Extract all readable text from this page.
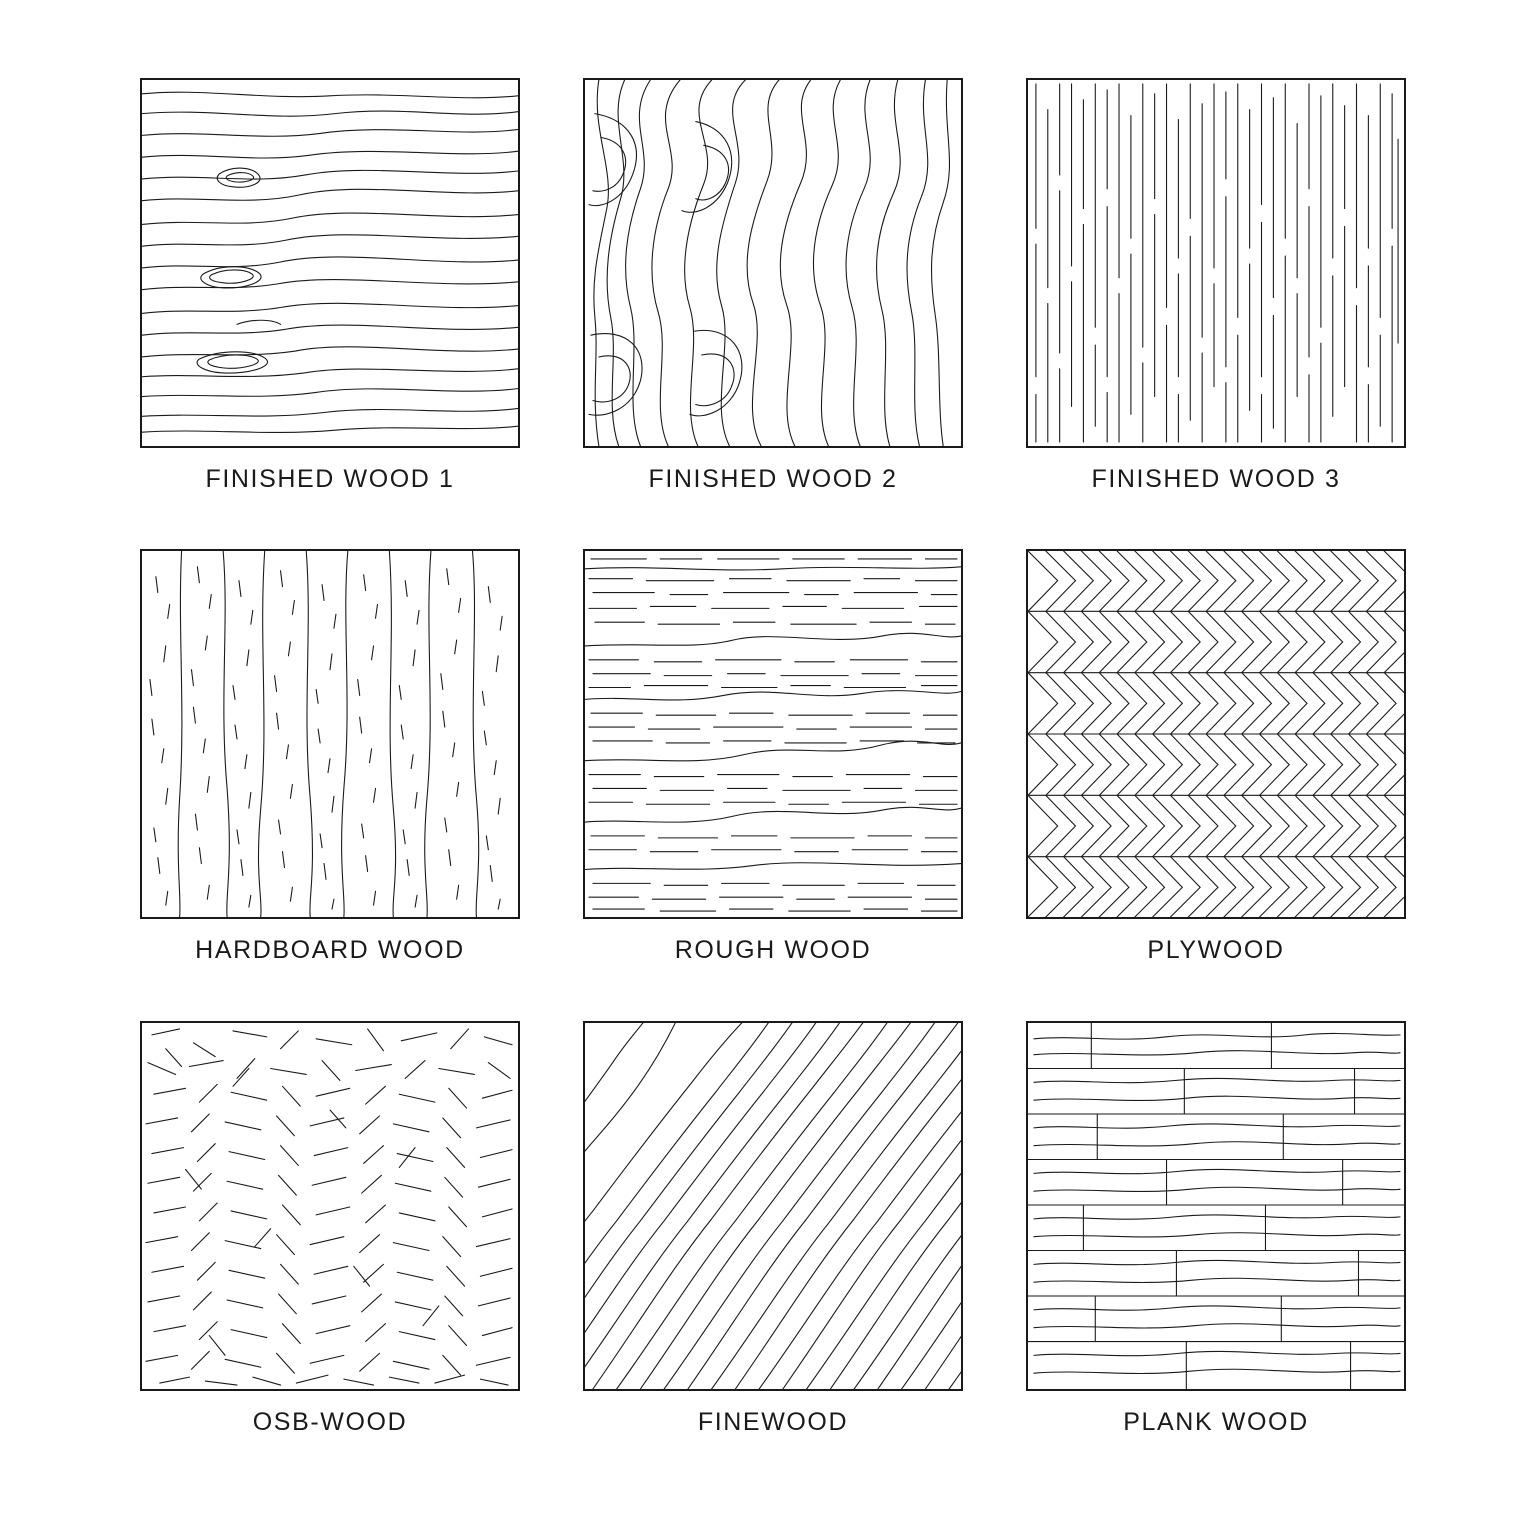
FINISHED WOOD 1	FINISHED WOOD 2	FINISHED WOOD 3
HARDBOARD WOOD	ROUGH WOOD	PLYWOOD
OSB-WOOD	FINEWOOD	PLANK WOOD
